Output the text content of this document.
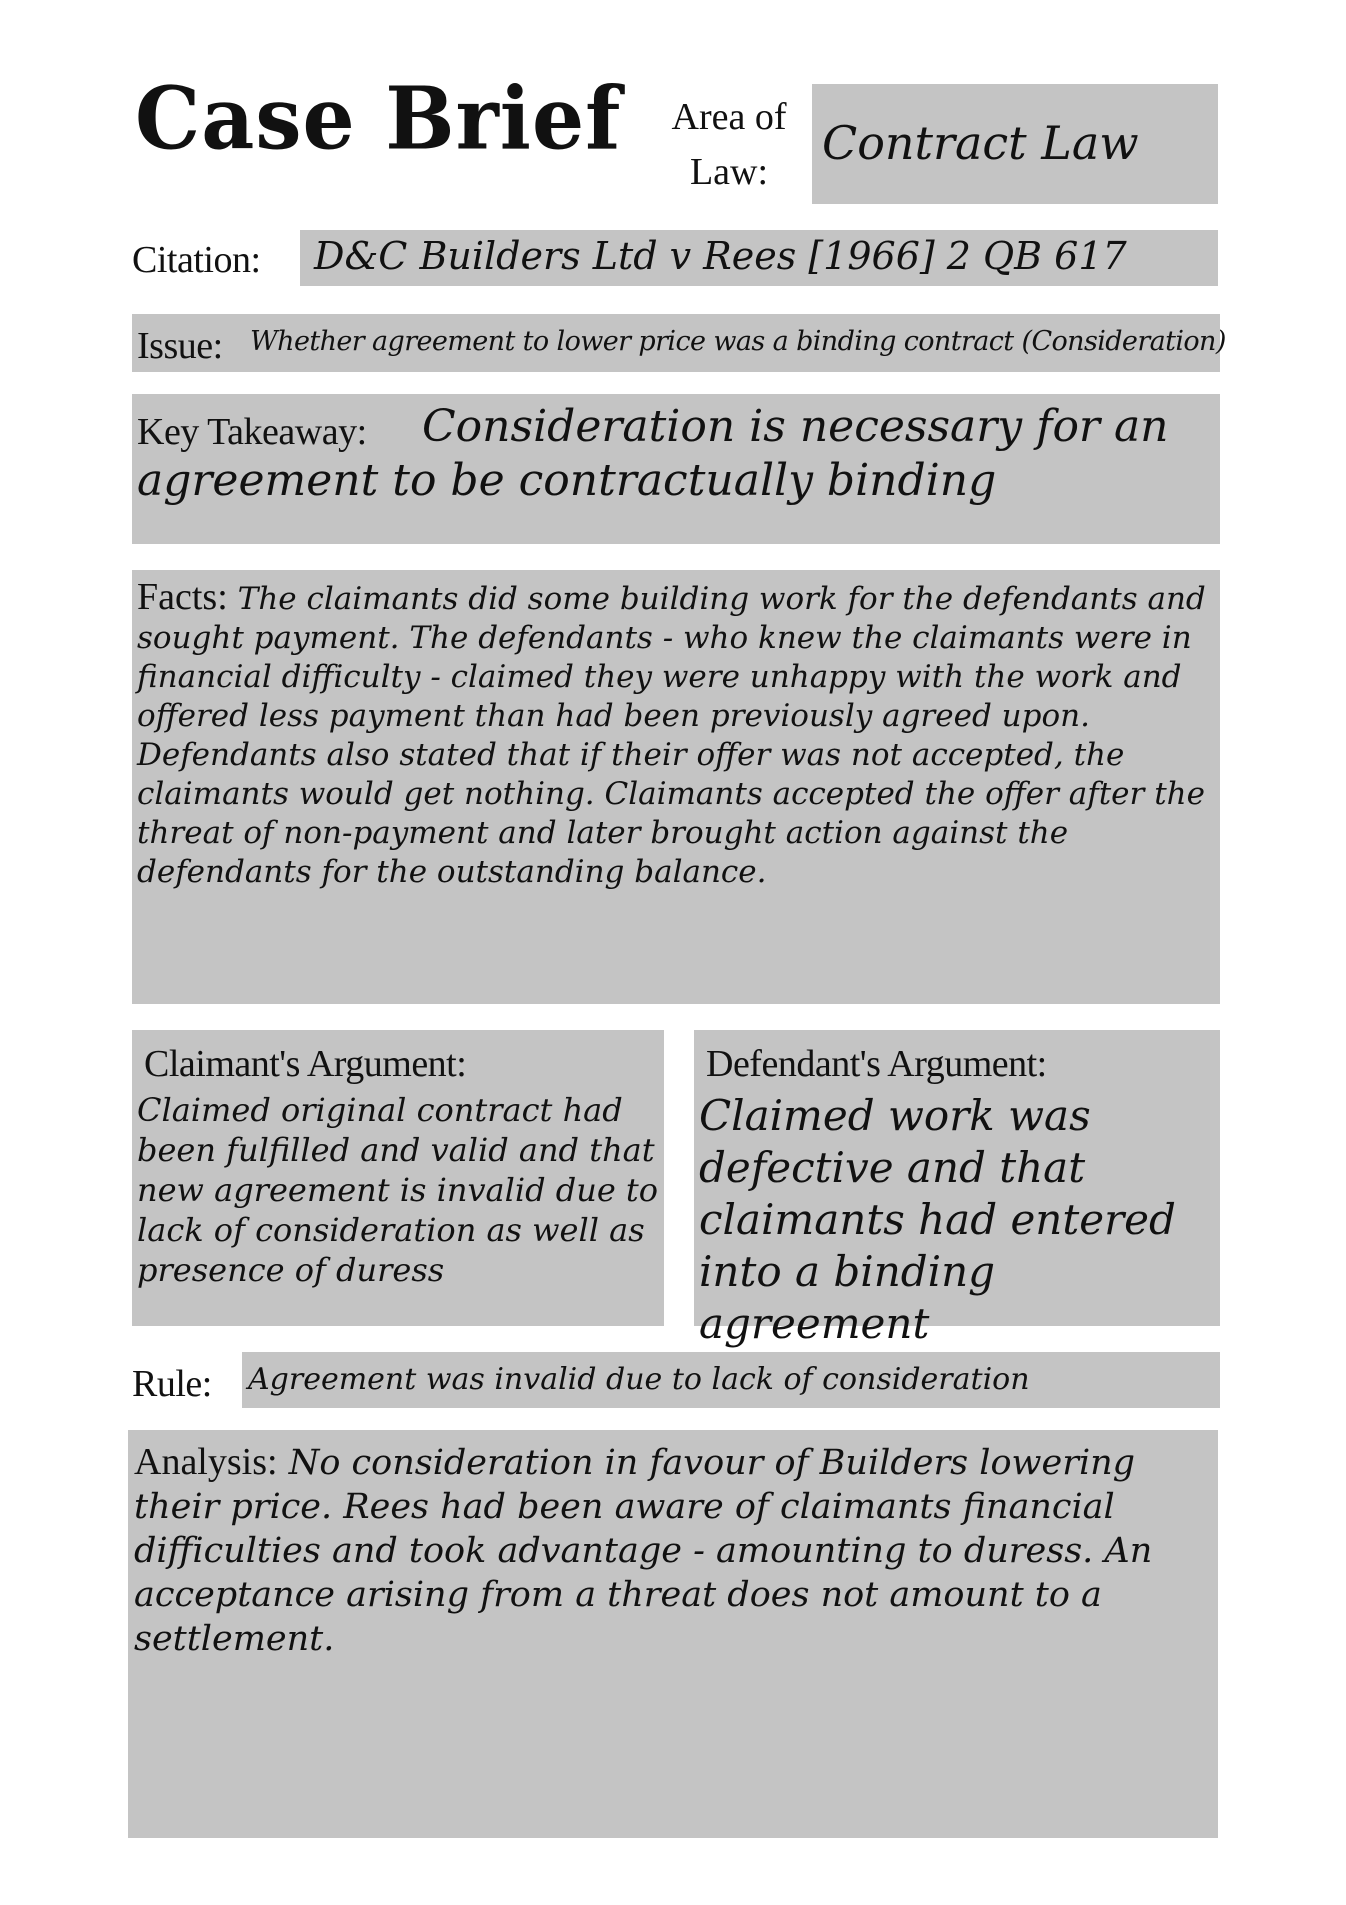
Case Brief	Area of Law:
Contract Law
Citation: D&C Builders Ltd v Rees [1966] 2 QB 617
Issue: Whether agreement to lower price was a binding contract (Consideration)
Key Takeaway:	Consideration is necessary for an agreement to be contractually binding
Facts: The claimants did some building work for the defendants and sought payment. The defendants - who knew the claimants were in financial difficulty - claimed they were unhappy with the work and offered less payment than had been previously agreed upon. Defendants also stated that if their offer was not accepted, the claimants would get nothing. Claimants accepted the offer after the threat of non-payment and later brought action against the defendants for the outstanding balance.
Claimant's Argument:
Claimed original contract had been fulfilled and valid and that new agreement is invalid due to lack of consideration as well as presence of duress
Defendant's Argument:
Claimed work was defective and that claimants had entered into a binding agreement
Rule: Agreement was invalid due to lack of consideration
Analysis: No consideration in favour of Builders lowering their price. Rees had been aware of claimants financial difficulties and took advantage - amounting to duress. An acceptance arising from a threat does not amount to a settlement.
